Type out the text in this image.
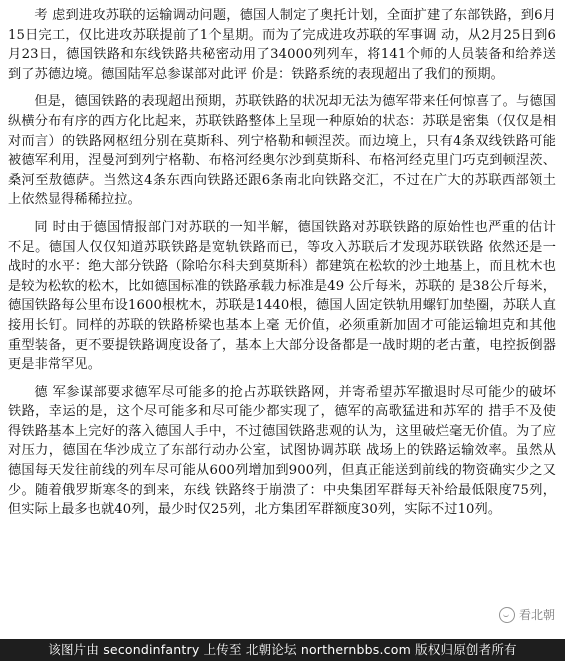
考 虑到进攻苏联的运输调动问题，德国人制定了奥托计划，全面扩建了东部铁路，到6月15日完工，仅比进攻苏联提前了1个星期。而为了完成进攻苏联的军事调 动，从2月25日到6月23日，德国铁路和东线铁路共秘密动用了34000列列车，将141个师的人员装备和给养送到了苏德边境。德国陆军总参谋部对此评 价是：铁路系统的表现超出了我们的预期。

但是，德国铁路的表现超出预期，苏联铁路的状况却无法为德军带来任何惊喜了。与德国纵横分布有序的西方化比起来，苏联铁路整体上呈现一种原始的状态：苏联是密集（仅仅是相对而言）的铁路网枢纽分别在莫斯科、列宁格勒和顿涅茨。而边境上，只有4条双线铁路可能被德军利用，涅曼河到列宁格勒、布格河经奥尔沙到莫斯科、布格河经克里门巧克到顿涅茨、桑河至敖德萨。当然这4条东西向铁路还跟6条南北向铁路交汇，不过在广大的苏联西部领土上依然显得稀稀拉拉。

同 时由于德国情报部门对苏联的一知半解，德国铁路对苏联铁路的原始性也严重的估计不足。德国人仅仅知道苏联铁路是宽轨铁路而已，等攻入苏联后才发现苏联铁路 依然还是一战时的水平：绝大部分铁路（除哈尔科夫到莫斯科）都建筑在松软的沙土地基上，而且枕木也是较为松软的松木，比如德国标准的铁路承载力标准是49 公斤每米，苏联的 是38公斤每米，德国铁路每公里布设1600根枕木，苏联是1440根，德国人固定铁轨用螺钉加垫圈，苏联人直接用长钉。同样的苏联的铁路桥梁也基本上毫 无价值，必须重新加固才可能运输坦克和其他重型装备，更不要提铁路调度设备了，基本上大部分设备都是一战时期的老古董，电控扳倒器更是非常罕见。

德 军参谋部要求德军尽可能多的抢占苏联铁路网，并寄希望苏军撤退时尽可能少的破坏铁路，幸运的是，这个尽可能多和尽可能少都实现了，德军的高歌猛进和苏军的 措手不及使得铁路基本上完好的落入德国人手中，不过德国铁路悲观的认为，这里破烂毫无价值。为了应对压力，德国在华沙成立了东部行动办公室，试图协调苏联 战场上的铁路运输效率。虽然从德国每天发往前线的列车尽可能从600列增加到900列，但真正能送到前线的物资确实少之又少。随着俄罗斯寒冬的到来，东线 铁路终于崩溃了：中央集团军群每天补给最低限度75列，但实际上最多也就40列，最少时仅25列，北方集团军群额度30列，实际不过10列。

看北朝
该图片由 secondinfantry 上传至 北朝论坛 northernbbs.com 版权归原创者所有
